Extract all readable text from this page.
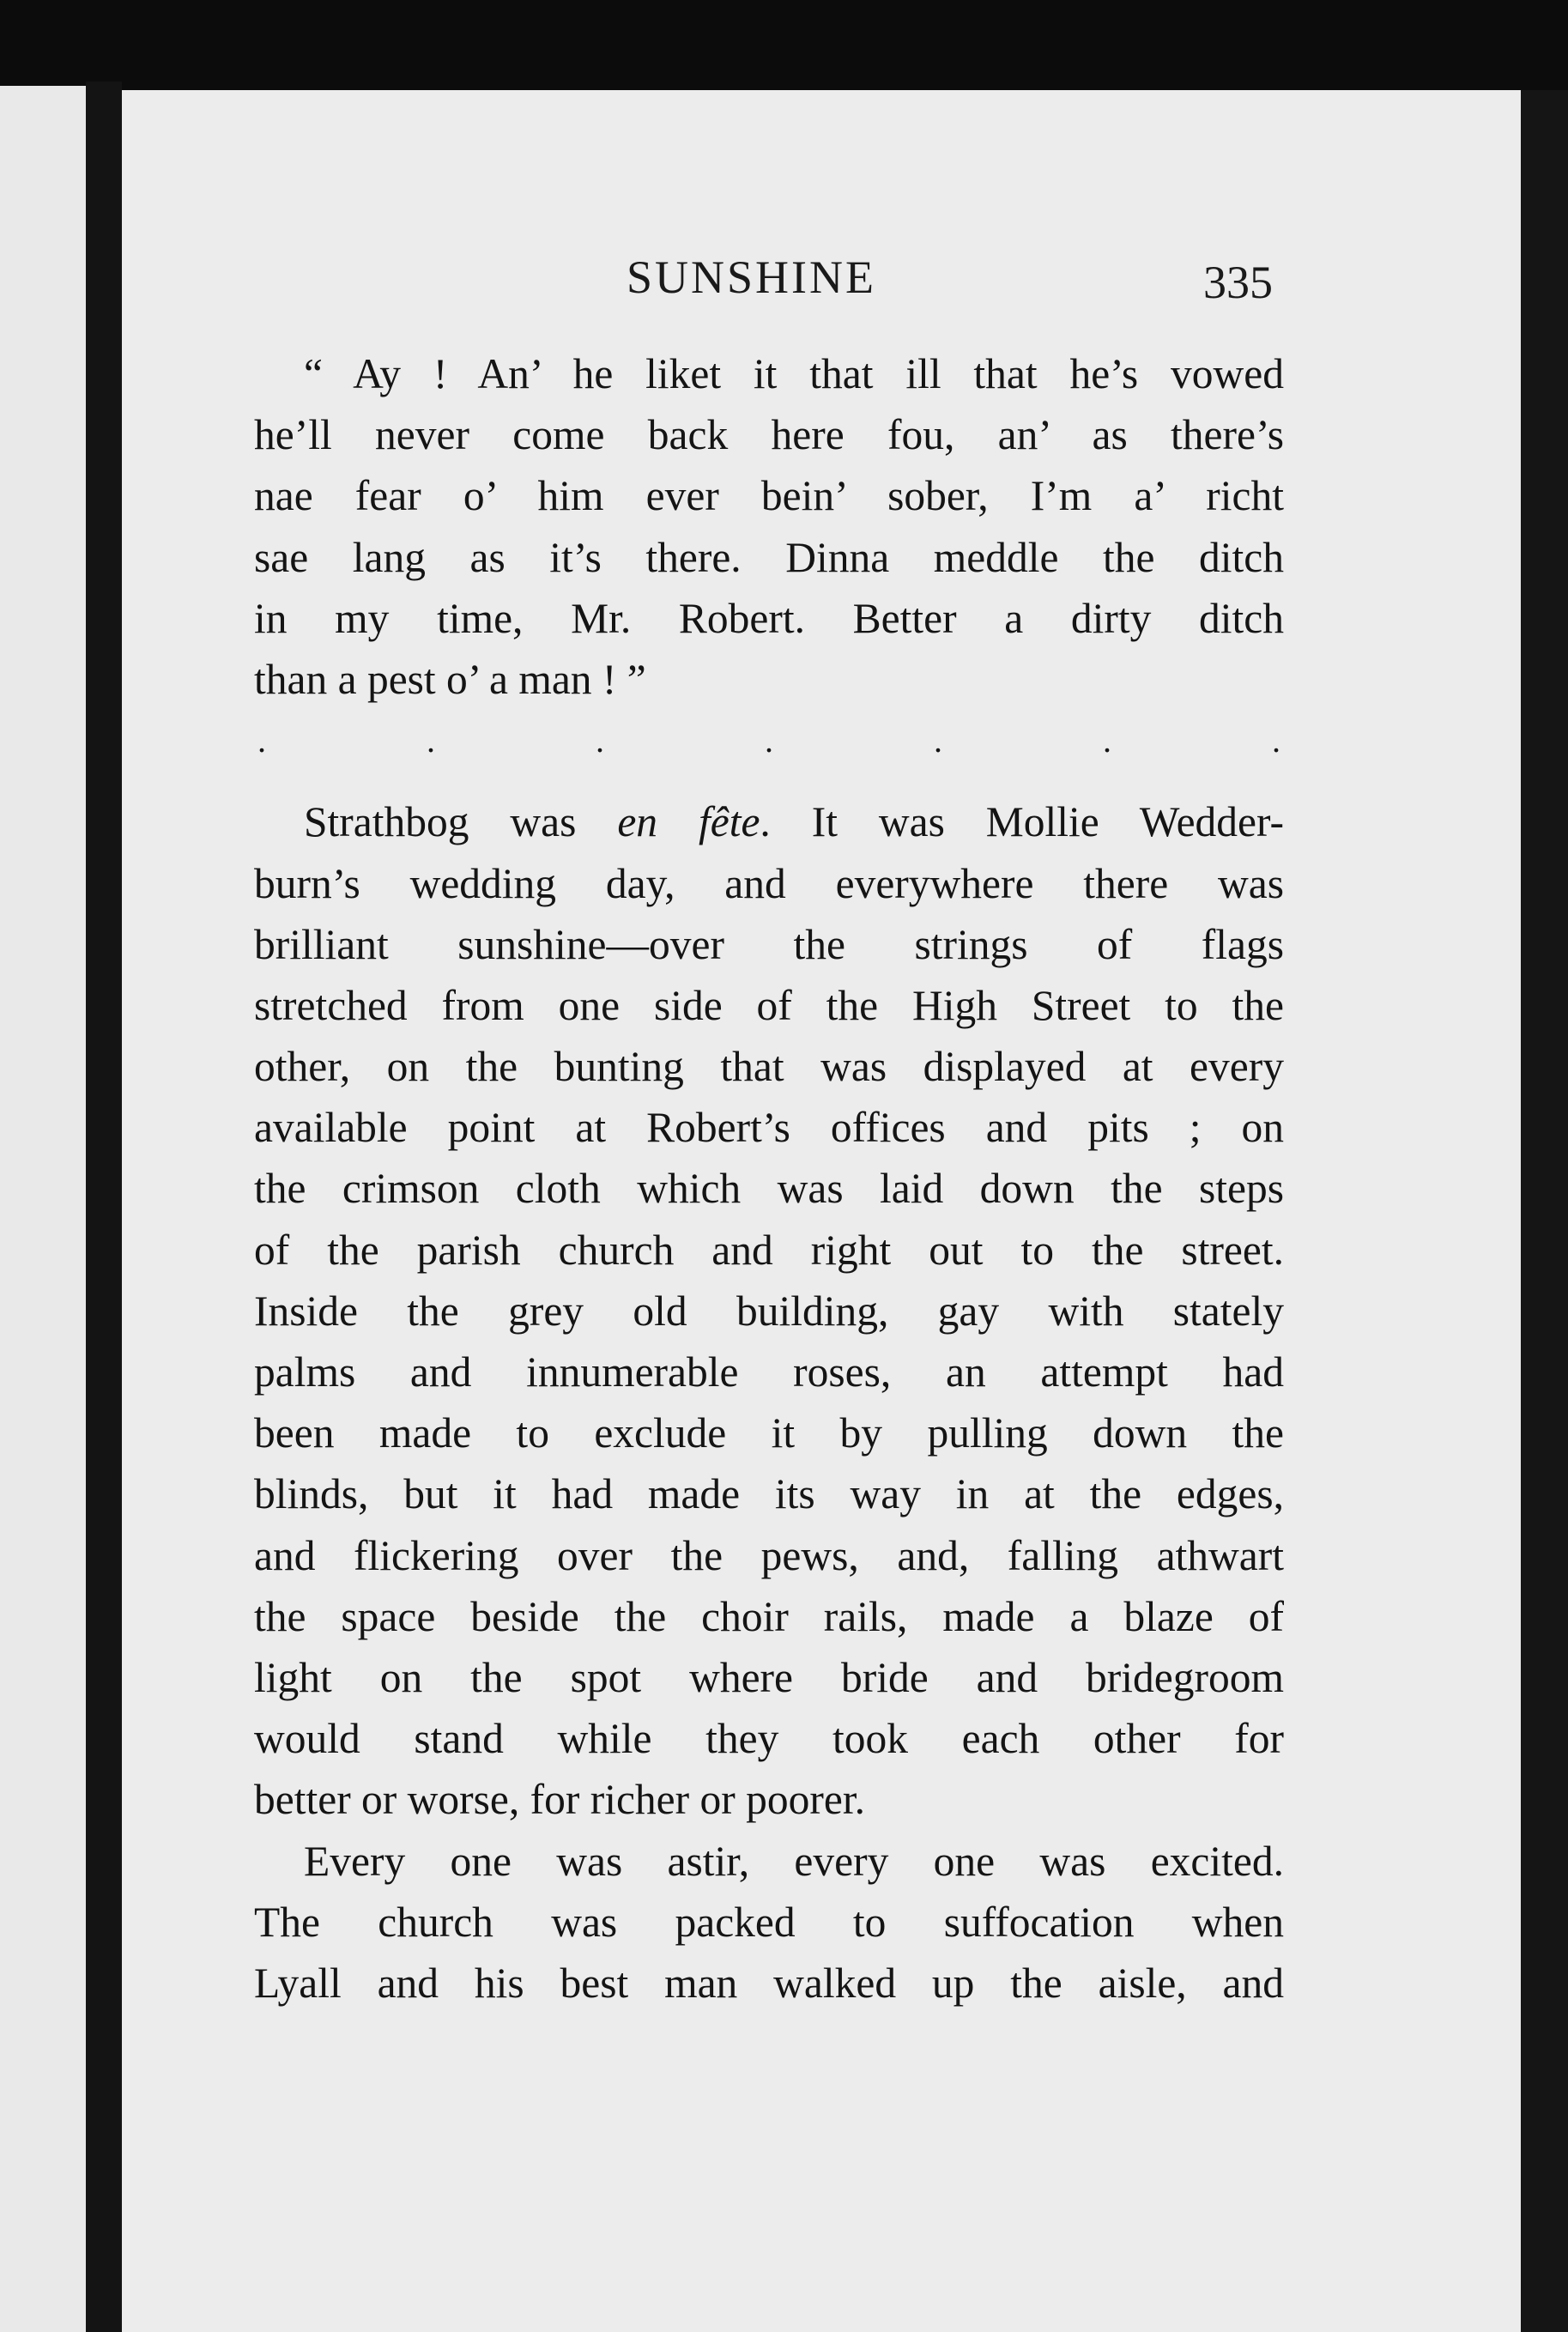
SUNSHINE	335
“ Ay ! An’ he liket it that ill that he’s vowed
he’ll never come back here fou, an’ as there’s
nae fear o’ him ever bein’ sober, I’m a’ richt
sae lang as it’s there. Dinna meddle the ditch
in my time, Mr. Robert. Better a dirty ditch
than a pest o’ a man ! ”
.	.	.	.	.	.	.
Strathbog was en fête. It was Mollie Wedder-
burn’s wedding day, and everywhere there was
brilliant sunshine—over the strings of flags
stretched from one side of the High Street to the
other, on the bunting that was displayed at every
available point at Robert’s offices and pits ; on
the crimson cloth which was laid down the steps
of the parish church and right out to the street.
Inside the grey old building, gay with stately
palms and innumerable roses, an attempt had
been made to exclude it by pulling down the
blinds, but it had made its way in at the edges,
and flickering over the pews, and, falling athwart
the space beside the choir rails, made a blaze of
light on the spot where bride and bridegroom
would stand while they took each other for
better or worse, for richer or poorer.
Every one was astir, every one was excited.
The church was packed to suffocation when
Lyall and his best man walked up the aisle, and
